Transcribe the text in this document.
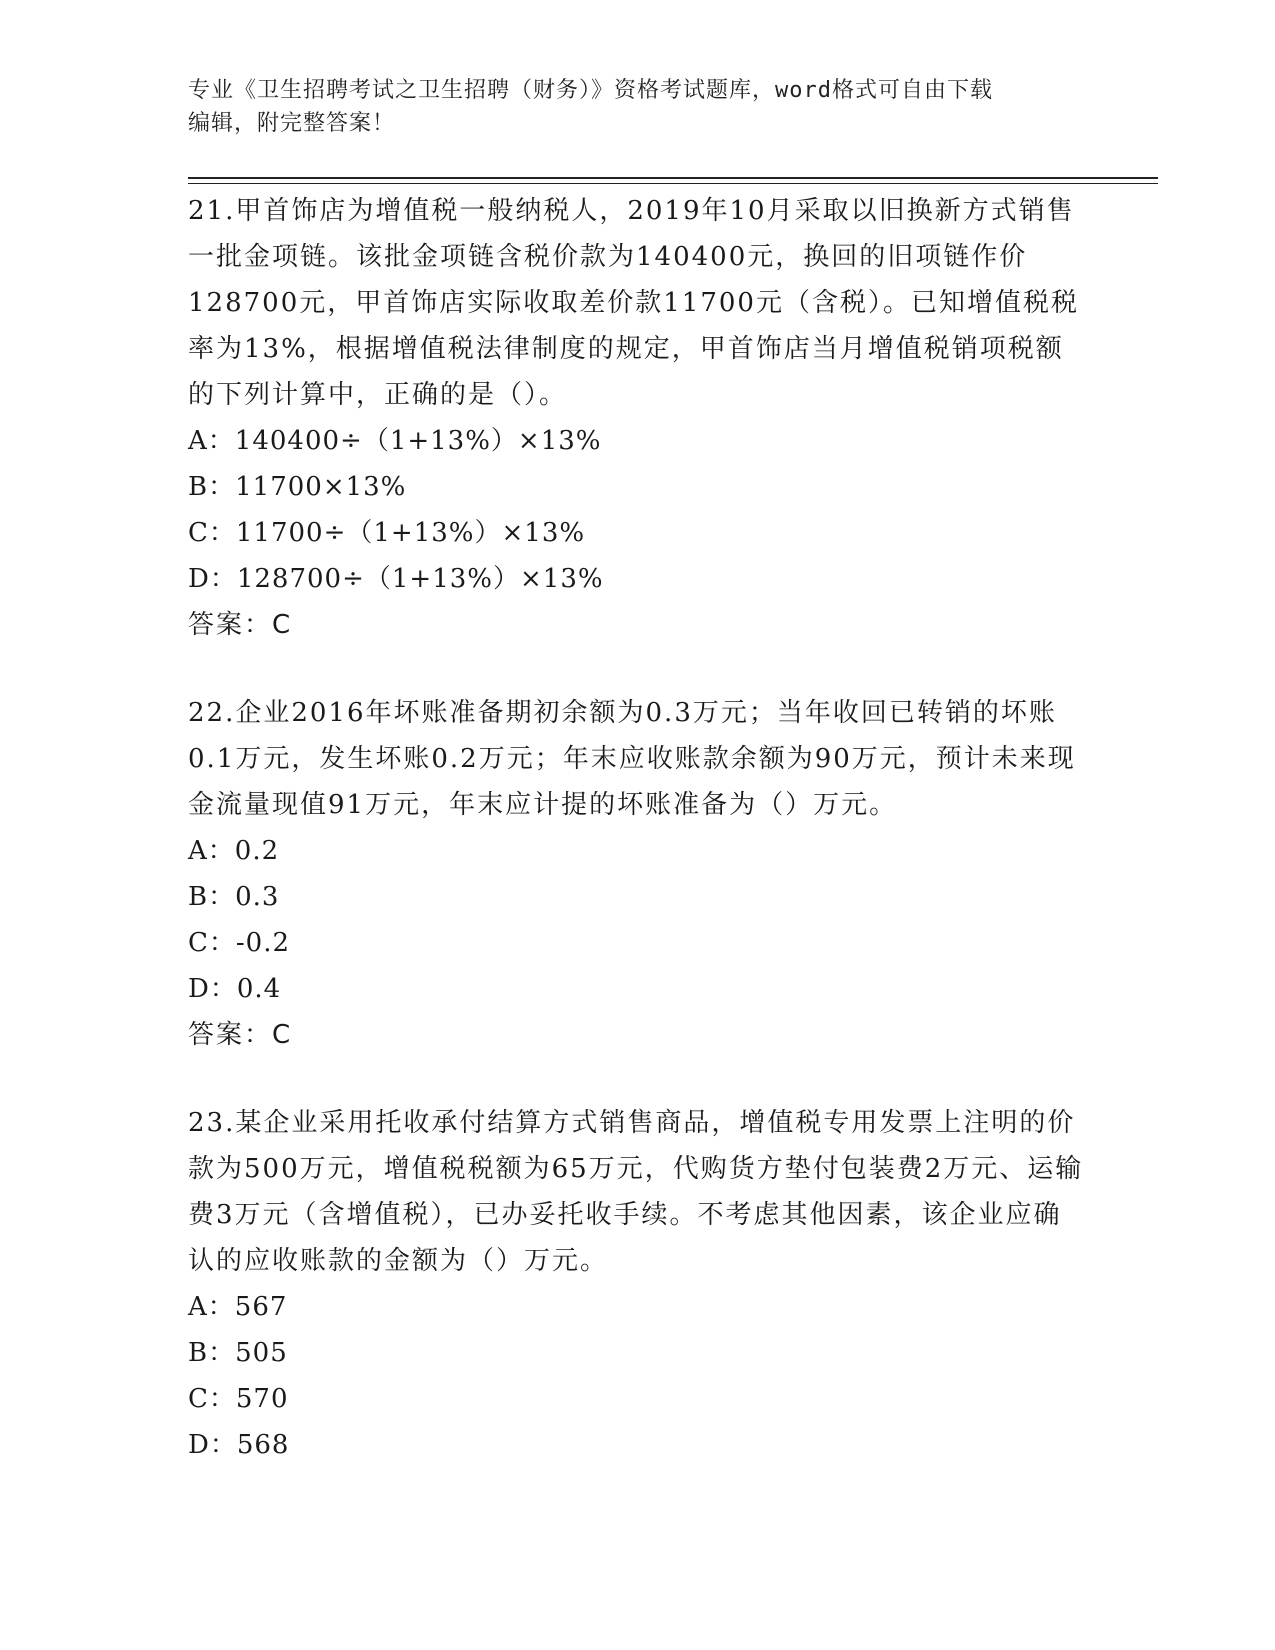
专业《卫生招聘考试之卫生招聘（财务）》资格考试题库，word格式可自由下载
编辑，附完整答案！

21.甲首饰店为增值税一般纳税人，2019年10月采取以旧换新方式销售一批金项链。该批金项链含税价款为140400元，换回的旧项链作价128700元，甲首饰店实际收取差价款11700元（含税）。已知增值税税率为13%，根据增值税法律制度的规定，甲首饰店当月增值税销项税额的下列计算中，正确的是（）。

A：140400÷（1+13%）×13%

B：11700×13%

C：11700÷（1+13%）×13%

D：128700÷（1+13%）×13%

答案：C

22.企业2016年坏账准备期初余额为0.3万元；当年收回已转销的坏账0.1万元，发生坏账0.2万元；年末应收账款余额为90万元，预计未来现金流量现值91万元，年末应计提的坏账准备为（）万元。

A：0.2

B：0.3

C：-0.2

D：0.4

答案：C

23.某企业采用托收承付结算方式销售商品，增值税专用发票上注明的价款为500万元，增值税税额为65万元，代购货方垫付包装费2万元、运输费3万元（含增值税），已办妥托收手续。不考虑其他因素，该企业应确认的应收账款的金额为（）万元。

A：567

B：505

C：570

D：568
